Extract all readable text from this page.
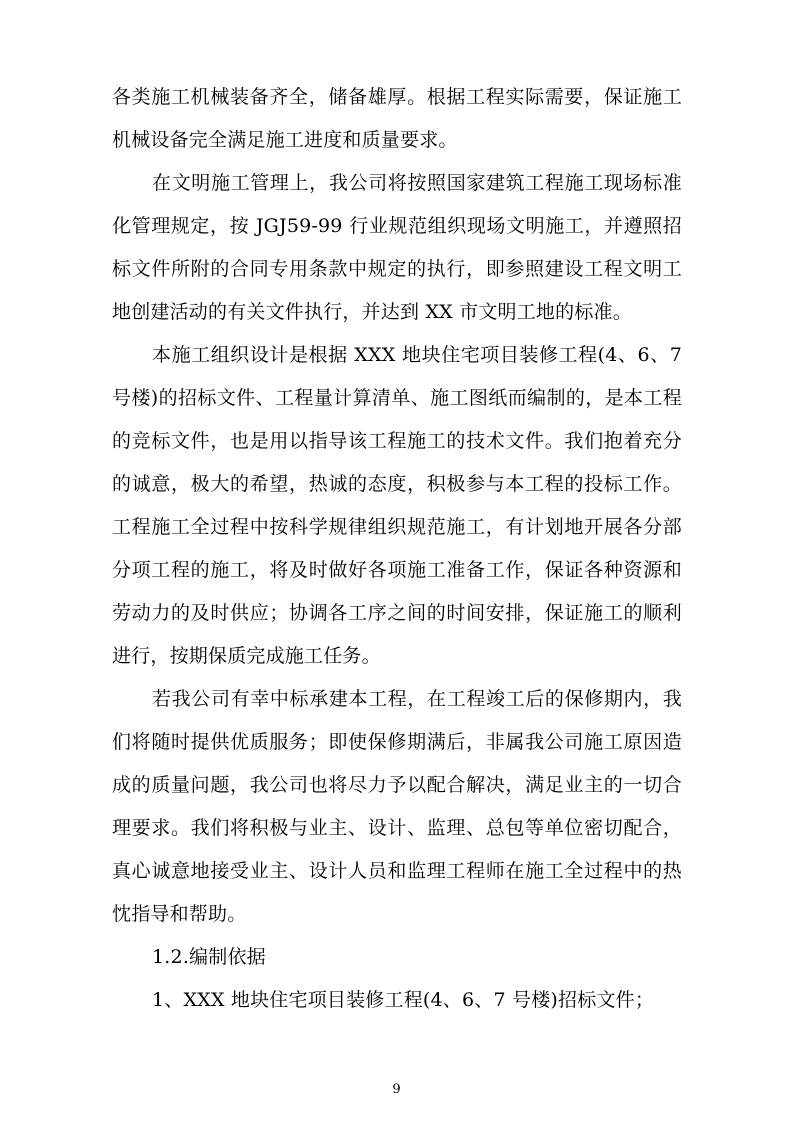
各类施工机械装备齐全，储备雄厚。根据工程实际需要，保证施工机械设备完全满足施工进度和质量要求。

在文明施工管理上，我公司将按照国家建筑工程施工现场标准化管理规定，按 JGJ59-99 行业规范组织现场文明施工，并遵照招标文件所附的合同专用条款中规定的执行，即参照建设工程文明工地创建活动的有关文件执行，并达到 XX 市文明工地的标准。

本施工组织设计是根据 XXX 地块住宅项目装修工程(4、6、7 号楼)的招标文件、工程量计算清单、施工图纸而编制的，是本工程的竞标文件，也是用以指导该工程施工的技术文件。我们抱着充分的诚意，极大的希望，热诚的态度，积极参与本工程的投标工作。工程施工全过程中按科学规律组织规范施工，有计划地开展各分部分项工程的施工，将及时做好各项施工准备工作，保证各种资源和劳动力的及时供应；协调各工序之间的时间安排，保证施工的顺利进行，按期保质完成施工任务。

若我公司有幸中标承建本工程，在工程竣工后的保修期内，我们将随时提供优质服务；即使保修期满后，非属我公司施工原因造成的质量问题，我公司也将尽力予以配合解决，满足业主的一切合理要求。我们将积极与业主、设计、监理、总包等单位密切配合，真心诚意地接受业主、设计人员和监理工程师在施工全过程中的热忱指导和帮助。

1.2.编制依据

1、XXX 地块住宅项目装修工程(4、6、7 号楼)招标文件；

9
